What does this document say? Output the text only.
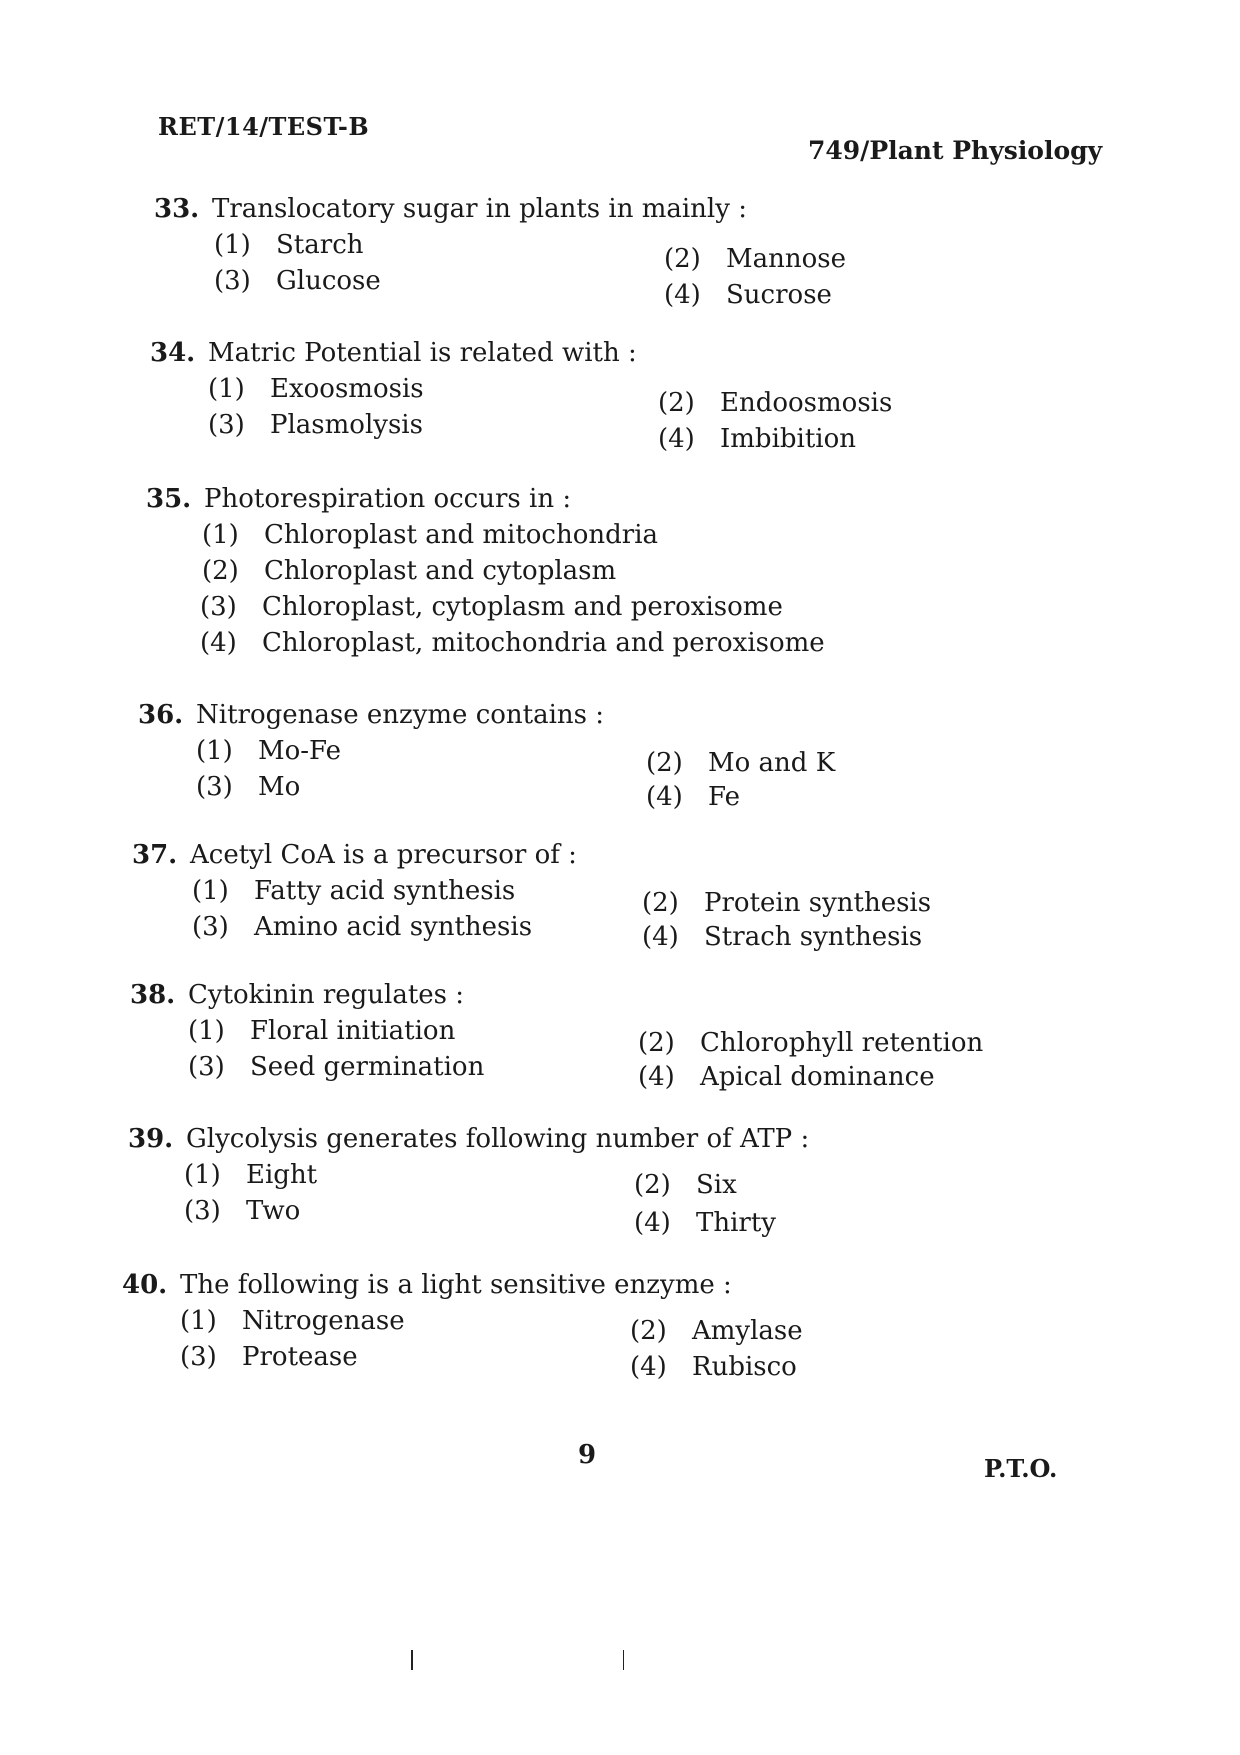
RET/14/TEST-B
749/Plant Physiology
33. Translocatory sugar in plants in mainly :
(1) Starch	(2) Mannose
(3) Glucose	(4) Sucrose
34. Matric Potential is related with :
(1) Exoosmosis	(2) Endoosmosis
(3) Plasmolysis	(4) Imbibition
35. Photorespiration occurs in :
(1) Chloroplast and mitochondria
(2) Chloroplast and cytoplasm
(3) Chloroplast, cytoplasm and peroxisome
(4) Chloroplast, mitochondria and peroxisome
36. Nitrogenase enzyme contains :
(1) Mo-Fe	(2) Mo and K
(3) Mo	(4) Fe
37. Acetyl CoA is a precursor of :
(1) Fatty acid synthesis	(2) Protein synthesis
(3) Amino acid synthesis	(4) Strach synthesis
38. Cytokinin regulates :
(1) Floral initiation	(2) Chlorophyll retention
(3) Seed germination	(4) Apical dominance
39. Glycolysis generates following number of ATP :
(1) Eight	(2) Six
(3) Two	(4) Thirty
40. The following is a light sensitive enzyme :
(1) Nitrogenase	(2) Amylase
(3) Protease	(4) Rubisco
9	P.T.O.
